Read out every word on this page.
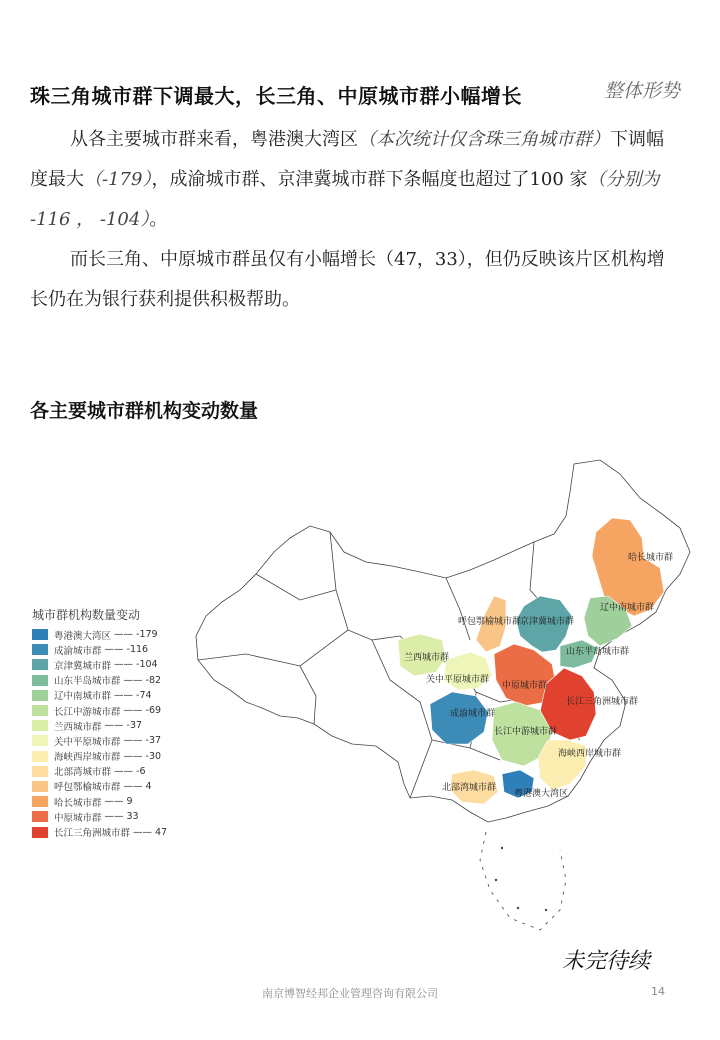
整体形势
珠三角城市群下调最大，长三角、中原城市群小幅增长
从各主要城市群来看，粤港澳大湾区（本次统计仅含珠三角城市群）下调幅度最大（-179），成渝城市群、京津冀城市群下条幅度也超过了100 家（分别为 -116 ， -104）。
而长三角、中原城市群虽仅有小幅增长（47，33），但仍反映该片区机构增长仍在为银行获利提供积极帮助。
各主要城市群机构变动数量
哈长城市群
辽中南城市群
呼包鄂榆城市群
京津冀城市群
山东半岛城市群
兰西城市群
关中平原城市群
中原城市群
长江三角洲城市群
成渝城市群
长江中游城市群
海峡西岸城市群
北部湾城市群
粤港澳大湾区
城市群机构数量变动
粤港澳大湾区 —— -179
成渝城市群 —— -116
京津冀城市群 —— -104
山东半岛城市群 —— -82
辽中南城市群 —— -74
长江中游城市群 —— -69
兰西城市群 —— -37
关中平原城市群 —— -37
海峡西岸城市群 —— -30
北部湾城市群 —— -6
呼包鄂榆城市群 —— 4
哈长城市群 —— 9
中原城市群 —— 33
长江三角洲城市群 —— 47
未完待续
南京博智经邦企业管理咨询有限公司	14
